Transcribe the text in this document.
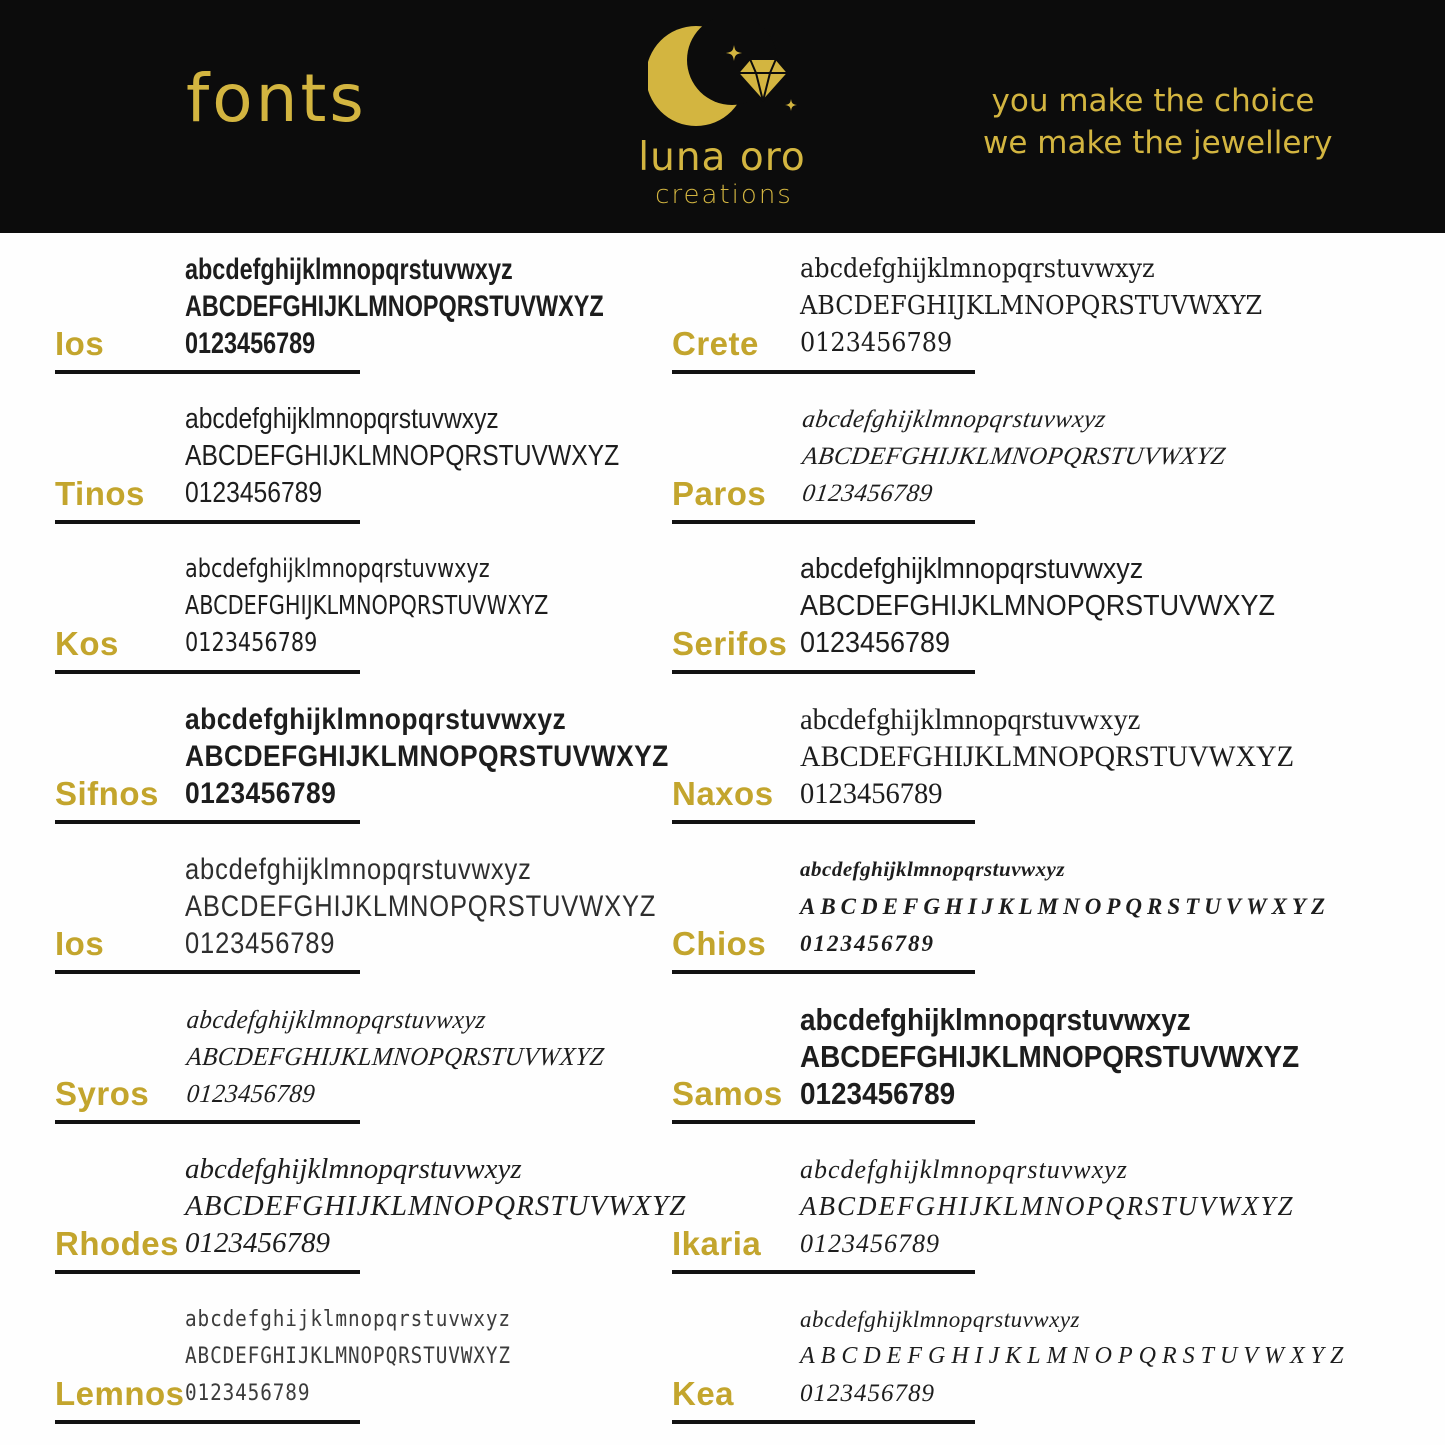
fonts
luna oro
creations
you make the choice
we make the jewellery
Ios
abcdefghijklmnopqrstuvwxyz
ABCDEFGHIJKLMNOPQRSTUVWXYZ
0123456789	Crete
abcdefghijklmnopqrstuvwxyz
ABCDEFGHIJKLMNOPQRSTUVWXYZ
0123456789
Tinos
abcdefghijklmnopqrstuvwxyz
ABCDEFGHIJKLMNOPQRSTUVWXYZ
0123456789	Paros
abcdefghijklmnopqrstuvwxyz
ABCDEFGHIJKLMNOPQRSTUVWXYZ
0123456789
Kos
abcdefghijklmnopqrstuvwxyz
ABCDEFGHIJKLMNOPQRSTUVWXYZ
0123456789	Serifos
abcdefghijklmnopqrstuvwxyz
ABCDEFGHIJKLMNOPQRSTUVWXYZ
0123456789
Sifnos
abcdefghijklmnopqrstuvwxyz
ABCDEFGHIJKLMNOPQRSTUVWXYZ
0123456789	Naxos
abcdefghijklmnopqrstuvwxyz
ABCDEFGHIJKLMNOPQRSTUVWXYZ
0123456789
Ios
abcdefghijklmnopqrstuvwxyz
ABCDEFGHIJKLMNOPQRSTUVWXYZ
0123456789	Chios
abcdefghijklmnopqrstuvwxyz
ABCDEFGHIJKLMNOPQRSTUVWXYZ
0123456789
Syros
abcdefghijklmnopqrstuvwxyz
ABCDEFGHIJKLMNOPQRSTUVWXYZ
0123456789	Samos
abcdefghijklmnopqrstuvwxyz
ABCDEFGHIJKLMNOPQRSTUVWXYZ
0123456789
Rhodes
abcdefghijklmnopqrstuvwxyz
ABCDEFGHIJKLMNOPQRSTUVWXYZ
0123456789	Ikaria
abcdefghijklmnopqrstuvwxyz
ABCDEFGHIJKLMNOPQRSTUVWXYZ
0123456789
Lemnos
abcdefghijklmnopqrstuvwxyz
ABCDEFGHIJKLMNOPQRSTUVWXYZ
0123456789	Kea
abcdefghijklmnopqrstuvwxyz
ABCDEFGHIJKLMNOPQRSTUVWXYZ
0123456789
